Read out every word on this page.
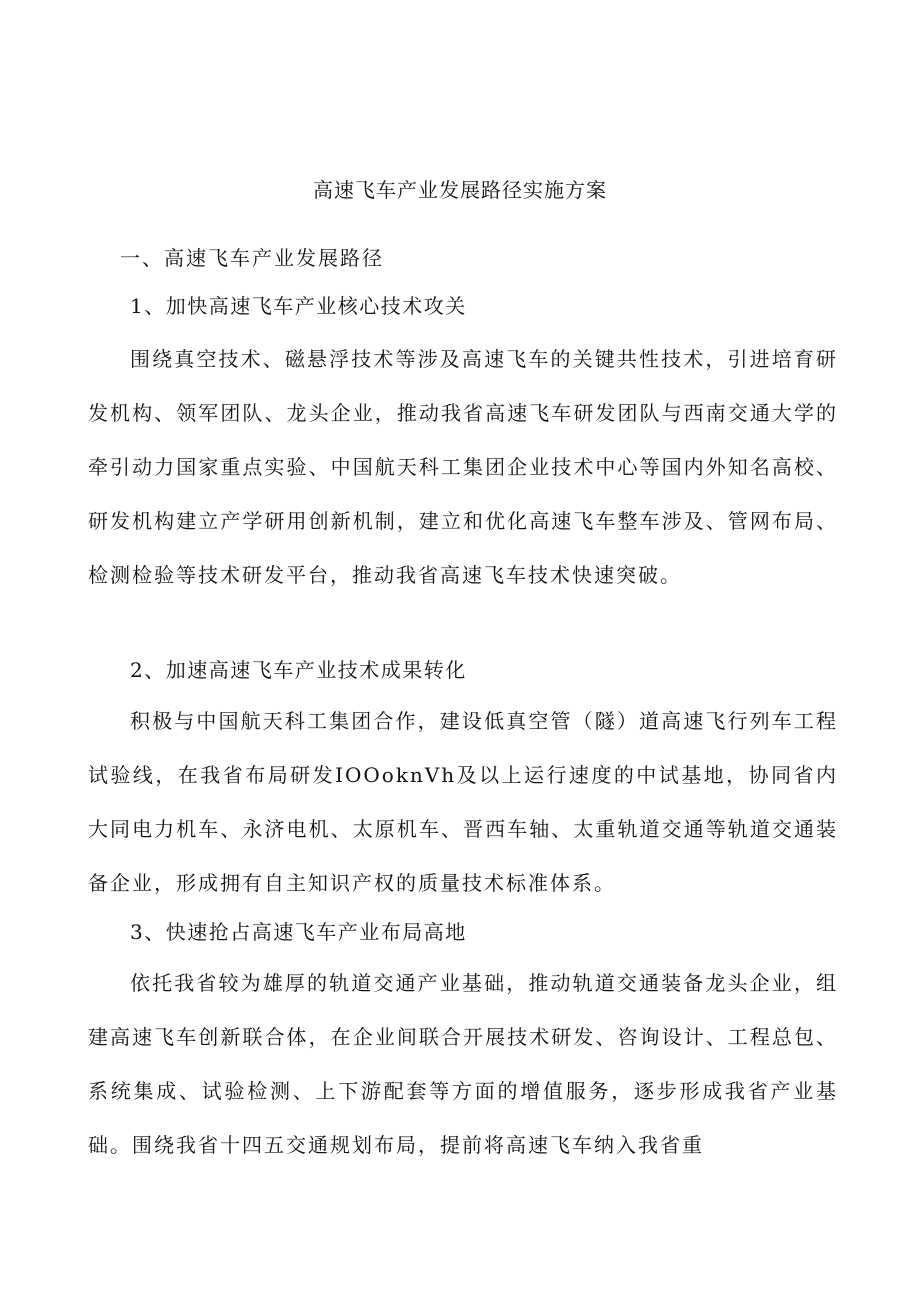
高速飞车产业发展路径实施方案
一、高速飞车产业发展路径
1、加快高速飞车产业核心技术攻关

围绕真空技术、磁悬浮技术等涉及高速飞车的关键共性技术，引进培育研发机构、领军团队、龙头企业，推动我省高速飞车研发团队与西南交通大学的牵引动力国家重点实验、中国航天科工集团企业技术中心等国内外知名高校、研发机构建立产学研用创新机制，建立和优化高速飞车整车涉及、管网布局、检测检验等技术研发平台，推动我省高速飞车技术快速突破。

2、加速高速飞车产业技术成果转化

积极与中国航天科工集团合作，建设低真空管（隧）道高速飞行列车工程试验线，在我省布局研发IOOoknVh及以上运行速度的中试基地，协同省内大同电力机车、永济电机、太原机车、晋西车轴、太重轨道交通等轨道交通装备企业，形成拥有自主知识产权的质量技术标准体系。

3、快速抢占高速飞车产业布局高地

依托我省较为雄厚的轨道交通产业基础，推动轨道交通装备龙头企业，组建高速飞车创新联合体，在企业间联合开展技术研发、咨询设计、工程总包、系统集成、试验检测、上下游配套等方面的增值服务，逐步形成我省产业基础。围绕我省十四五交通规划布局，提前将高速飞车纳入我省重
